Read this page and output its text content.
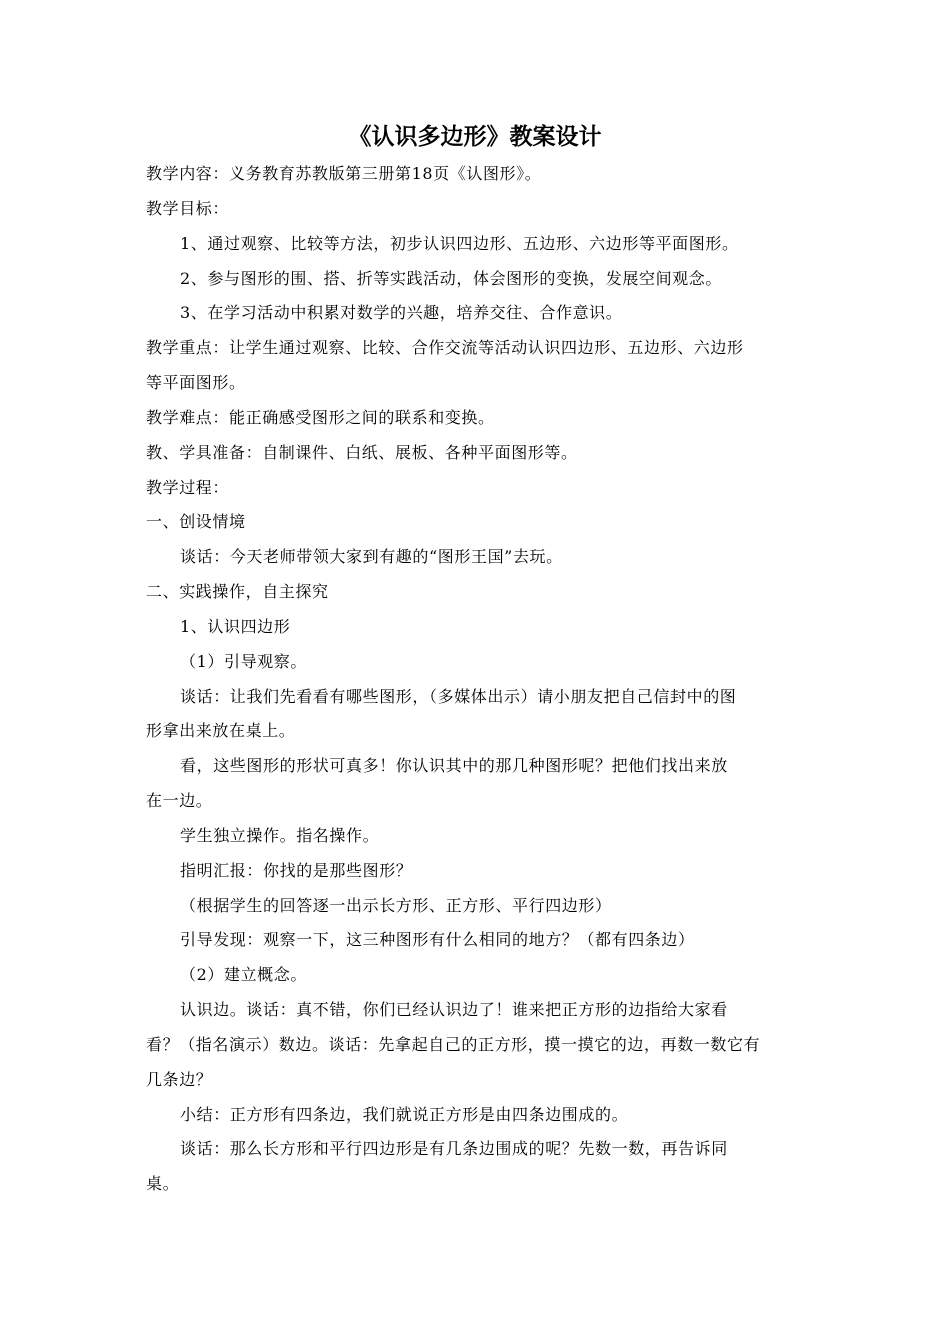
《认识多边形》教案设计
教学内容：义务教育苏教版第三册第18页《认图形》。
教学目标：
1、通过观察、比较等方法，初步认识四边形、五边形、六边形等平面图形。
2、参与图形的围、搭、折等实践活动，体会图形的变换，发展空间观念。
3、在学习活动中积累对数学的兴趣，培养交往、合作意识。
教学重点：让学生通过观察、比较、合作交流等活动认识四边形、五边形、六边形
等平面图形。
教学难点：能正确感受图形之间的联系和变换。
教、学具准备：自制课件、白纸、展板、各种平面图形等。
教学过程：
一、创设情境
谈话：今天老师带领大家到有趣的“图形王国”去玩。
二、实践操作，自主探究
1、认识四边形
（1）引导观察。
谈话：让我们先看看有哪些图形，（多媒体出示）请小朋友把自己信封中的图
形拿出来放在桌上。
看，这些图形的形状可真多！你认识其中的那几种图形呢？把他们找出来放
在一边。
学生独立操作。指名操作。
指明汇报：你找的是那些图形？
（根据学生的回答逐一出示长方形、正方形、平行四边形）
引导发现：观察一下，这三种图形有什么相同的地方？（都有四条边）
（2）建立概念。
认识边。谈话：真不错，你们已经认识边了！谁来把正方形的边指给大家看
看？（指名演示）数边。谈话：先拿起自己的正方形，摸一摸它的边，再数一数它有
几条边？
小结：正方形有四条边，我们就说正方形是由四条边围成的。
谈话：那么长方形和平行四边形是有几条边围成的呢？先数一数，再告诉同
桌。
